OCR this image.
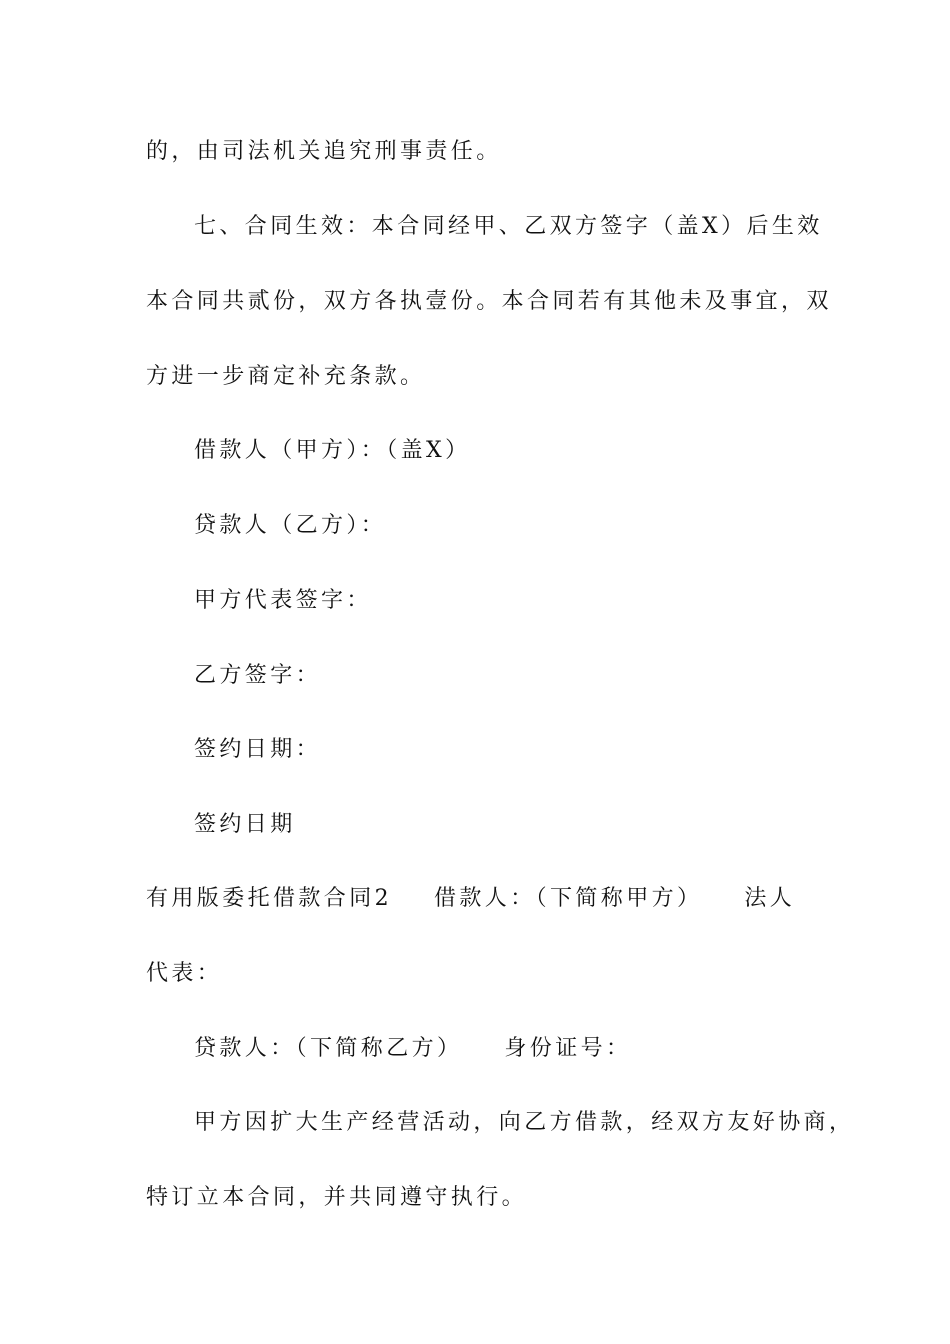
的，由司法机关追究刑事责任。
七、合同生效：本合同经甲、乙双方签字（盖X）后生效
本合同共贰份，双方各执壹份。本合同若有其他未及事宜，双
方进一步商定补充条款。
借款人（甲方）：（盖X）
贷款人（乙方）：
甲方代表签字：
乙方签字：
签约日期：
签约日期
有用版委托借款合同2 借款人：（下简称甲方） 法人
代表：
贷款人：（下简称乙方） 身份证号：
甲方因扩大生产经营活动，向乙方借款，经双方友好协商，
特订立本合同，并共同遵守执行。
